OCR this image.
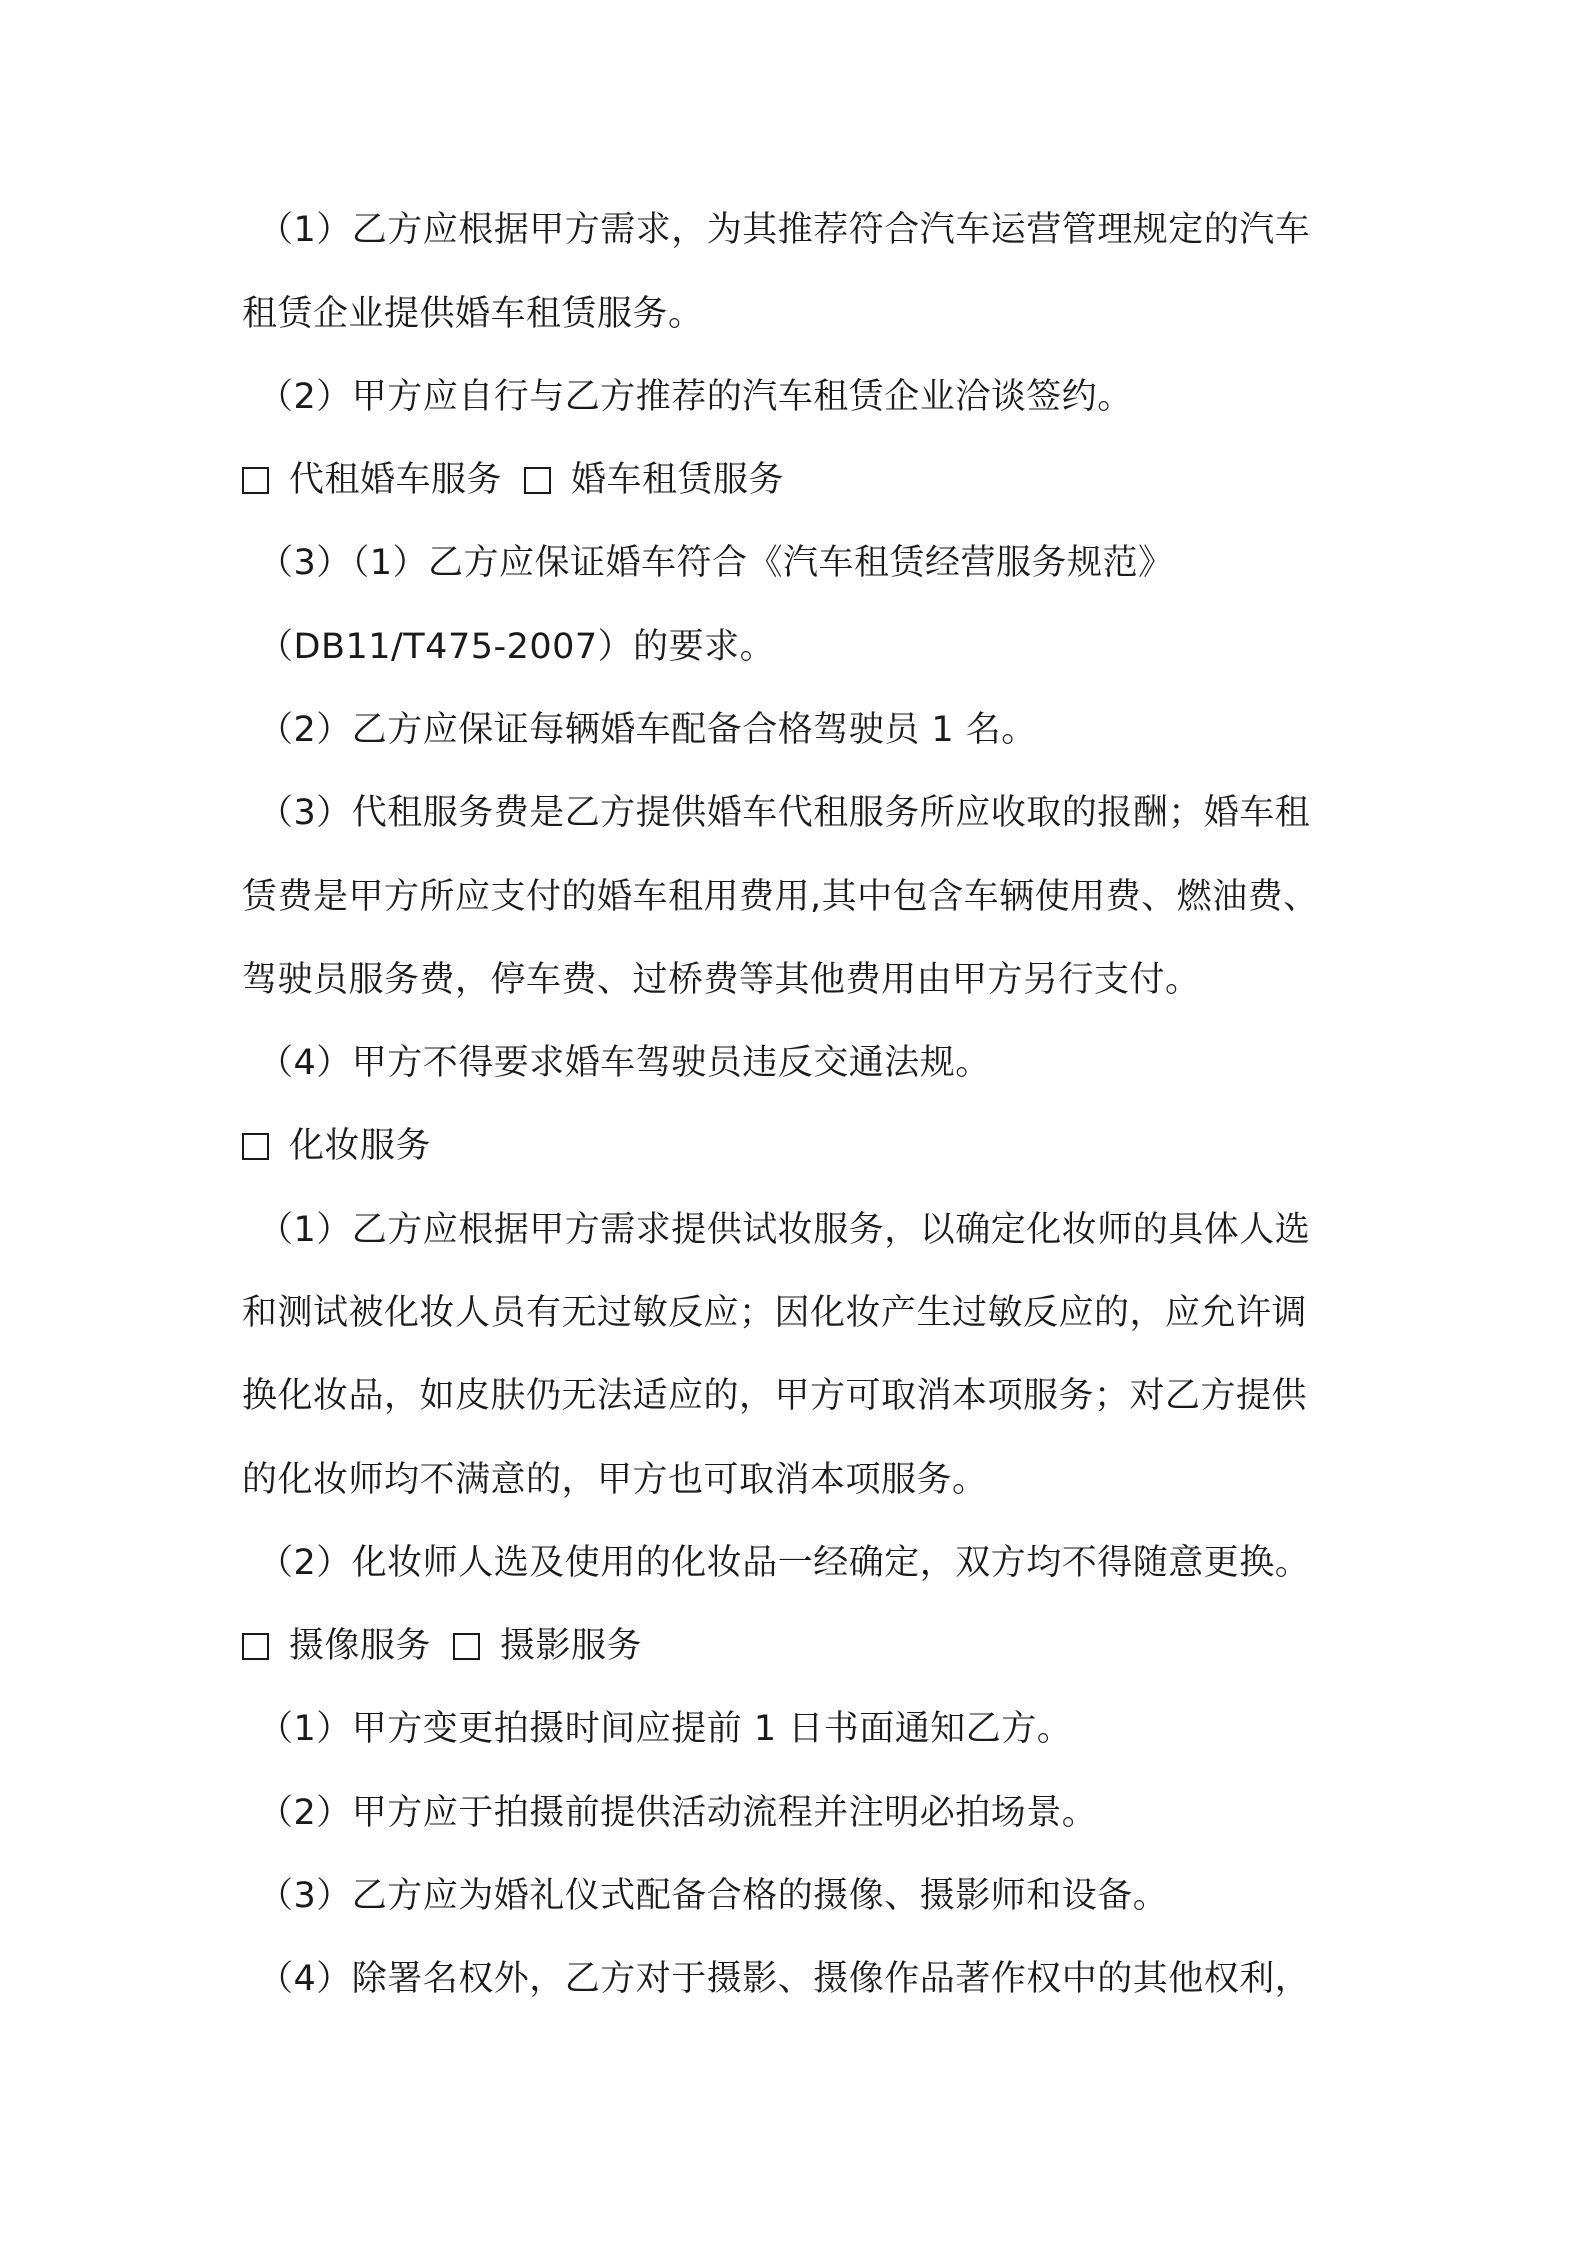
（1）乙方应根据甲方需求，为其推荐符合汽车运营管理规定的汽车
租赁企业提供婚车租赁服务。
（2）甲方应自行与乙方推荐的汽车租赁企业洽谈签约。
代租婚车服务 婚车租赁服务
（3）（1）乙方应保证婚车符合《汽车租赁经营服务规范》
（DB11/T475-2007）的要求。
（2）乙方应保证每辆婚车配备合格驾驶员 1 名。
（3）代租服务费是乙方提供婚车代租服务所应收取的报酬；婚车租
赁费是甲方所应支付的婚车租用费用,其中包含车辆使用费、燃油费、
驾驶员服务费，停车费、过桥费等其他费用由甲方另行支付。
（4）甲方不得要求婚车驾驶员违反交通法规。
化妆服务
（1）乙方应根据甲方需求提供试妆服务，以确定化妆师的具体人选
和测试被化妆人员有无过敏反应；因化妆产生过敏反应的，应允许调
换化妆品，如皮肤仍无法适应的，甲方可取消本项服务；对乙方提供
的化妆师均不满意的，甲方也可取消本项服务。
（2）化妆师人选及使用的化妆品一经确定，双方均不得随意更换。
摄像服务 摄影服务
（1）甲方变更拍摄时间应提前 1 日书面通知乙方。
（2）甲方应于拍摄前提供活动流程并注明必拍场景。
（3）乙方应为婚礼仪式配备合格的摄像、摄影师和设备。
（4）除署名权外，乙方对于摄影、摄像作品著作权中的其他权利，
